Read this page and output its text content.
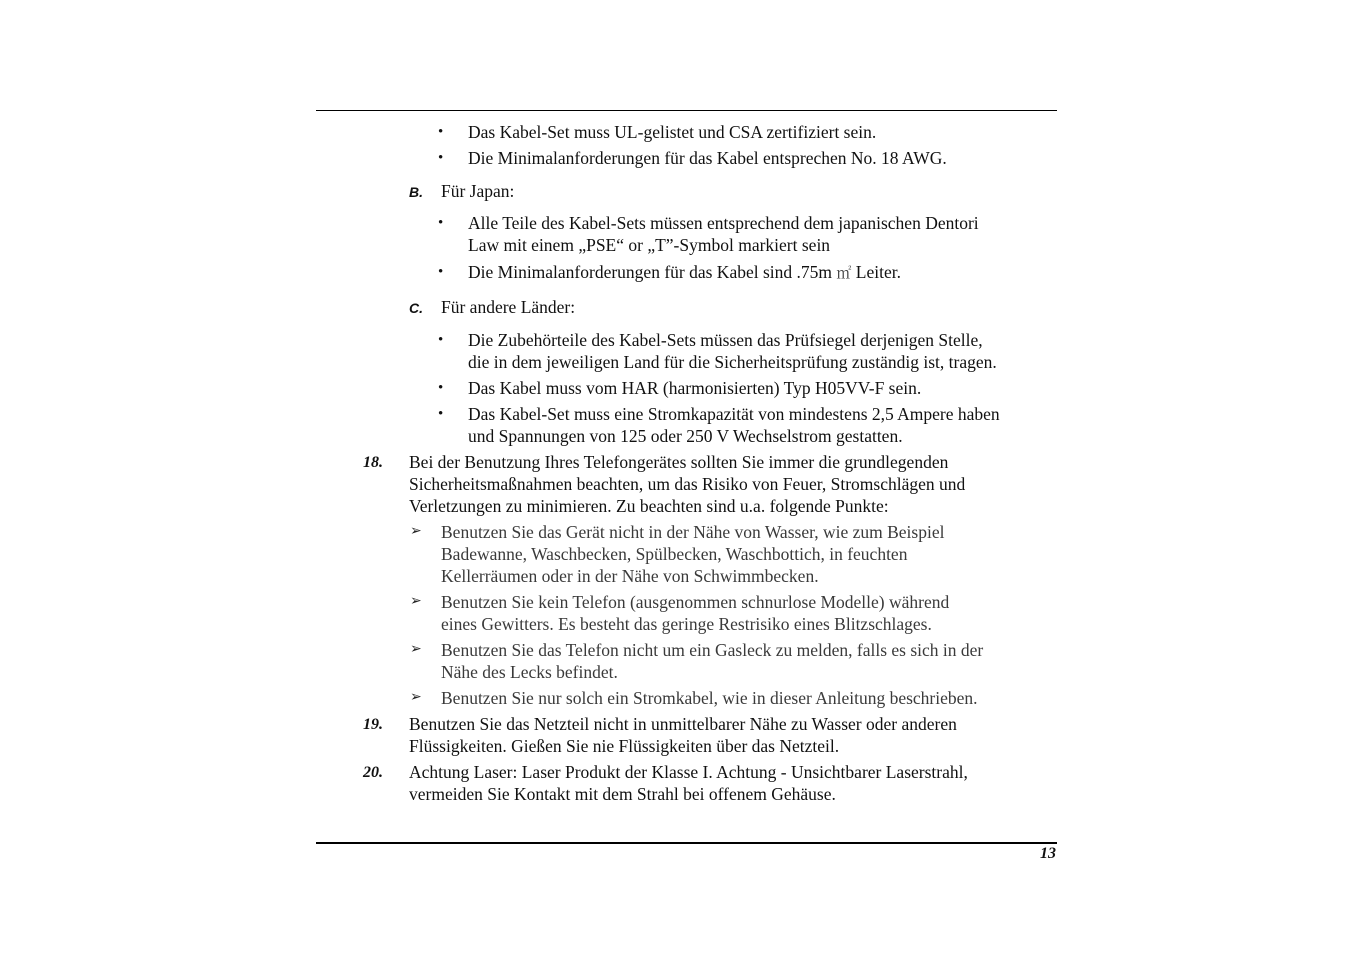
• Das Kabel-Set muss UL-gelistet und CSA zertifiziert sein.
• Die Minimalanforderungen für das Kabel entsprechen No. 18 AWG.
B. Für Japan:
• Alle Teile des Kabel-Sets müssen entsprechend dem japanischen Dentori
Law mit einem „PSE“ or „T”-Symbol markiert sein
• Die Minimalanforderungen für das Kabel sind .75m ㎡ Leiter.
C. Für andere Länder:
• Die Zubehörteile des Kabel-Sets müssen das Prüfsiegel derjenigen Stelle,
die in dem jeweiligen Land für die Sicherheitsprüfung zuständig ist, tragen.
• Das Kabel muss vom HAR (harmonisierten) Typ H05VV-F sein.
• Das Kabel-Set muss eine Stromkapazität von mindestens 2,5 Ampere haben
und Spannungen von 125 oder 250 V Wechselstrom gestatten.
18. Bei der Benutzung Ihres Telefongerätes sollten Sie immer die grundlegenden
Sicherheitsmaßnahmen beachten, um das Risiko von Feuer, Stromschlägen und
Verletzungen zu minimieren. Zu beachten sind u.a. folgende Punkte:
➢ Benutzen Sie das Gerät nicht in der Nähe von Wasser, wie zum Beispiel
Badewanne, Waschbecken, Spülbecken, Waschbottich, in feuchten
Kellerräumen oder in der Nähe von Schwimmbecken.
➢ Benutzen Sie kein Telefon (ausgenommen schnurlose Modelle) während
eines Gewitters. Es besteht das geringe Restrisiko eines Blitzschlages.
➢ Benutzen Sie das Telefon nicht um ein Gasleck zu melden, falls es sich in der
Nähe des Lecks befindet.
➢ Benutzen Sie nur solch ein Stromkabel, wie in dieser Anleitung beschrieben.
19. Benutzen Sie das Netzteil nicht in unmittelbarer Nähe zu Wasser oder anderen
Flüssigkeiten. Gießen Sie nie Flüssigkeiten über das Netzteil.
20. Achtung Laser: Laser Produkt der Klasse I. Achtung - Unsichtbarer Laserstrahl,
vermeiden Sie Kontakt mit dem Strahl bei offenem Gehäuse.
13
